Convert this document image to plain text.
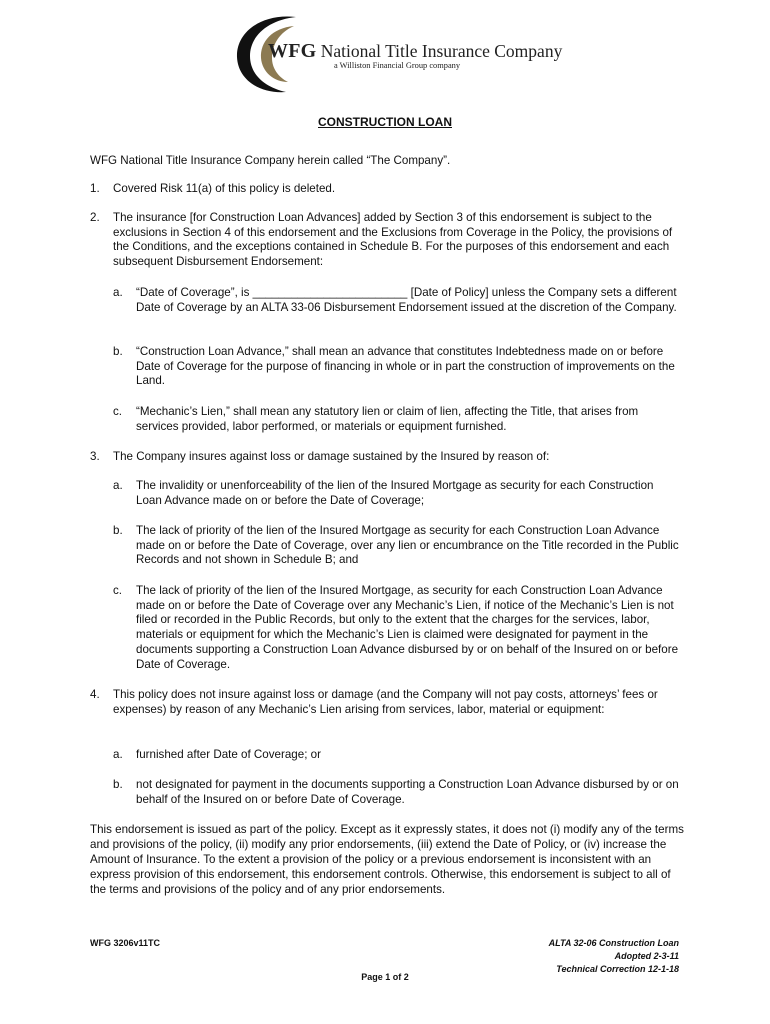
WFG National Title Insurance Company
a Williston Financial Group company
CONSTRUCTION LOAN
WFG National Title Insurance Company herein called “The Company”.
1. Covered Risk 11(a) of this policy is deleted.
2. The insurance [for Construction Loan Advances] added by Section 3 of this endorsement is subject to the exclusions in Section 4 of this endorsement and the Exclusions from Coverage in the Policy, the provisions of the Conditions, and the exceptions contained in Schedule B. For the purposes of this endorsement and each subsequent Disbursement Endorsement:
a. “Date of Coverage”, is ________________________ [Date of Policy] unless the Company sets a different Date of Coverage by an ALTA 33-06 Disbursement Endorsement issued at the discretion of the Company.
b. “Construction Loan Advance,” shall mean an advance that constitutes Indebtedness made on or before Date of Coverage for the purpose of financing in whole or in part the construction of improvements on the Land.
c. “Mechanic’s Lien,” shall mean any statutory lien or claim of lien, affecting the Title, that arises from services provided, labor performed, or materials or equipment furnished.
3. The Company insures against loss or damage sustained by the Insured by reason of:
a. The invalidity or unenforceability of the lien of the Insured Mortgage as security for each Construction Loan Advance made on or before the Date of Coverage;
b. The lack of priority of the lien of the Insured Mortgage as security for each Construction Loan Advance made on or before the Date of Coverage, over any lien or encumbrance on the Title recorded in the Public Records and not shown in Schedule B; and
c. The lack of priority of the lien of the Insured Mortgage, as security for each Construction Loan Advance made on or before the Date of Coverage over any Mechanic’s Lien, if notice of the Mechanic’s Lien is not filed or recorded in the Public Records, but only to the extent that the charges for the services, labor, materials or equipment for which the Mechanic’s Lien is claimed were designated for payment in the documents supporting a Construction Loan Advance disbursed by or on behalf of the Insured on or before Date of Coverage.
4. This policy does not insure against loss or damage (and the Company will not pay costs, attorneys’ fees or expenses) by reason of any Mechanic’s Lien arising from services, labor, material or equipment:
a. furnished after Date of Coverage; or
b. not designated for payment in the documents supporting a Construction Loan Advance disbursed by or on behalf of the Insured on or before Date of Coverage.
This endorsement is issued as part of the policy. Except as it expressly states, it does not (i) modify any of the terms and provisions of the policy, (ii) modify any prior endorsements, (iii) extend the Date of Policy, or (iv) increase the Amount of Insurance. To the extent a provision of the policy or a previous endorsement is inconsistent with an express provision of this endorsement, this endorsement controls. Otherwise, this endorsement is subject to all of the terms and provisions of the policy and of any prior endorsements.
WFG 3206v11TC	ALTA 32-06 Construction Loan
Adopted 2-3-11
Technical Correction 12-1-18
Page 1 of 2
